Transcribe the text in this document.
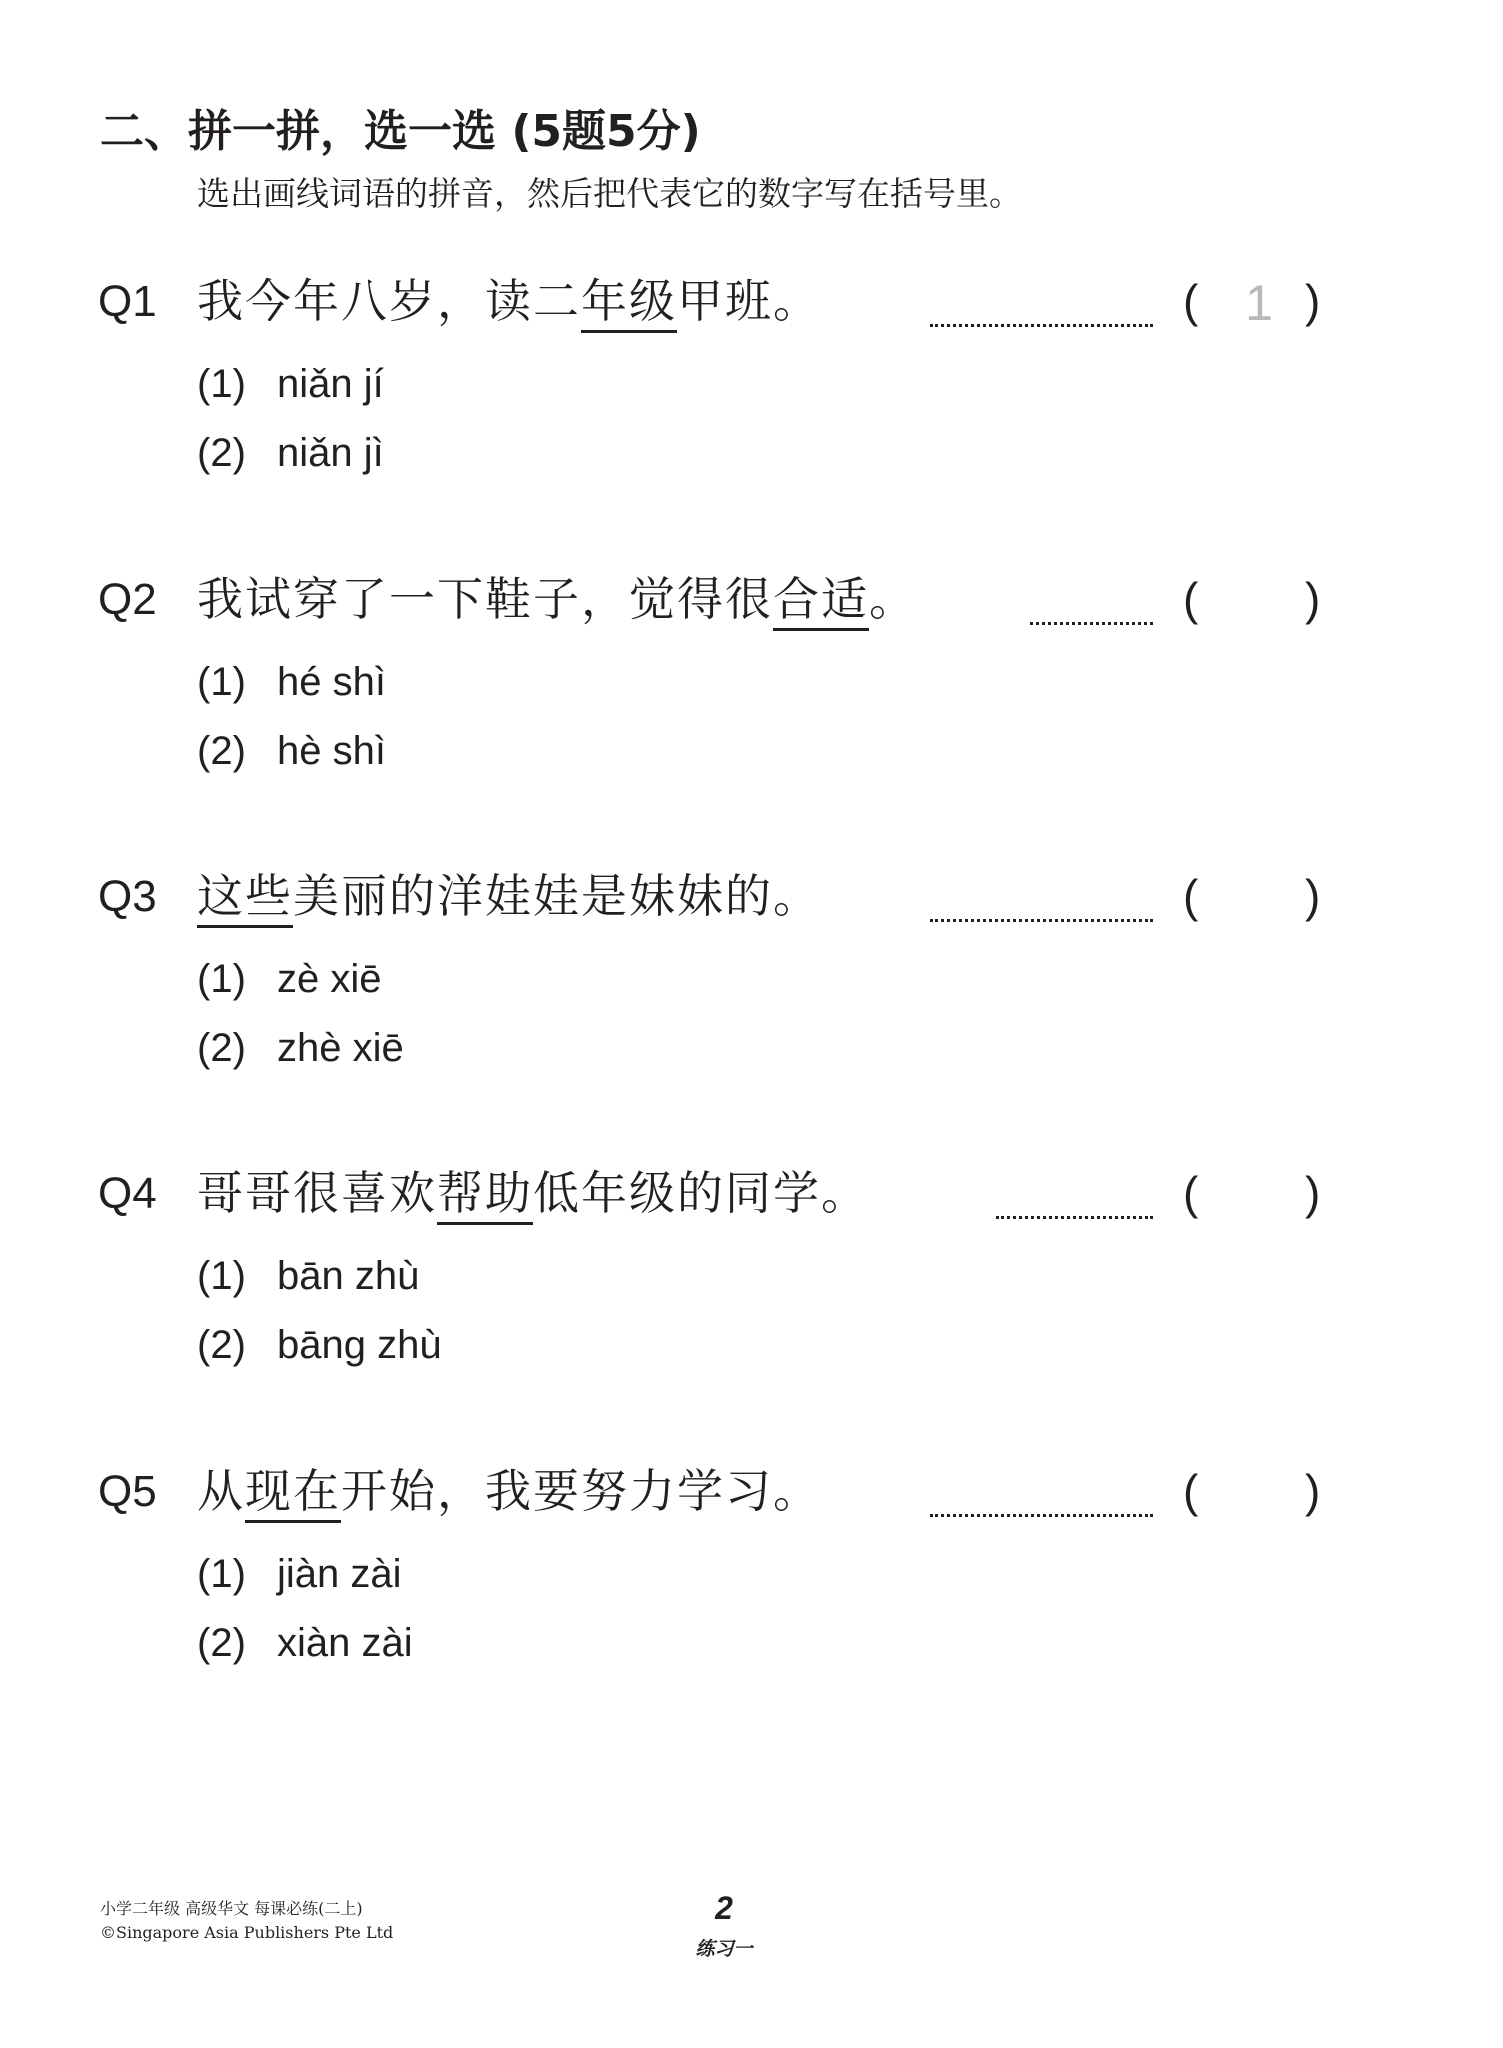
二、拼一拼，选一选 (5题5分)
选出画线词语的拼音，然后把代表它的数字写在括号里。
Q1 我今年八岁，读二年级甲班。	( 1 )
(1) niǎn jí
(2) niǎn jì
Q2 我试穿了一下鞋子，觉得很合适。	( )
(1) hé shì
(2) hè shì
Q3 这些美丽的洋娃娃是妹妹的。	( )
(1) zè xiē
(2) zhè xiē
Q4 哥哥很喜欢帮助低年级的同学。	( )
(1) bān zhù
(2) bāng zhù
Q5 从现在开始，我要努力学习。	( )
(1) jiàn zài
(2) xiàn zài
小学二年级 高级华文 每课必练(二上)
©Singapore Asia Publishers Pte Ltd
2
练习一
